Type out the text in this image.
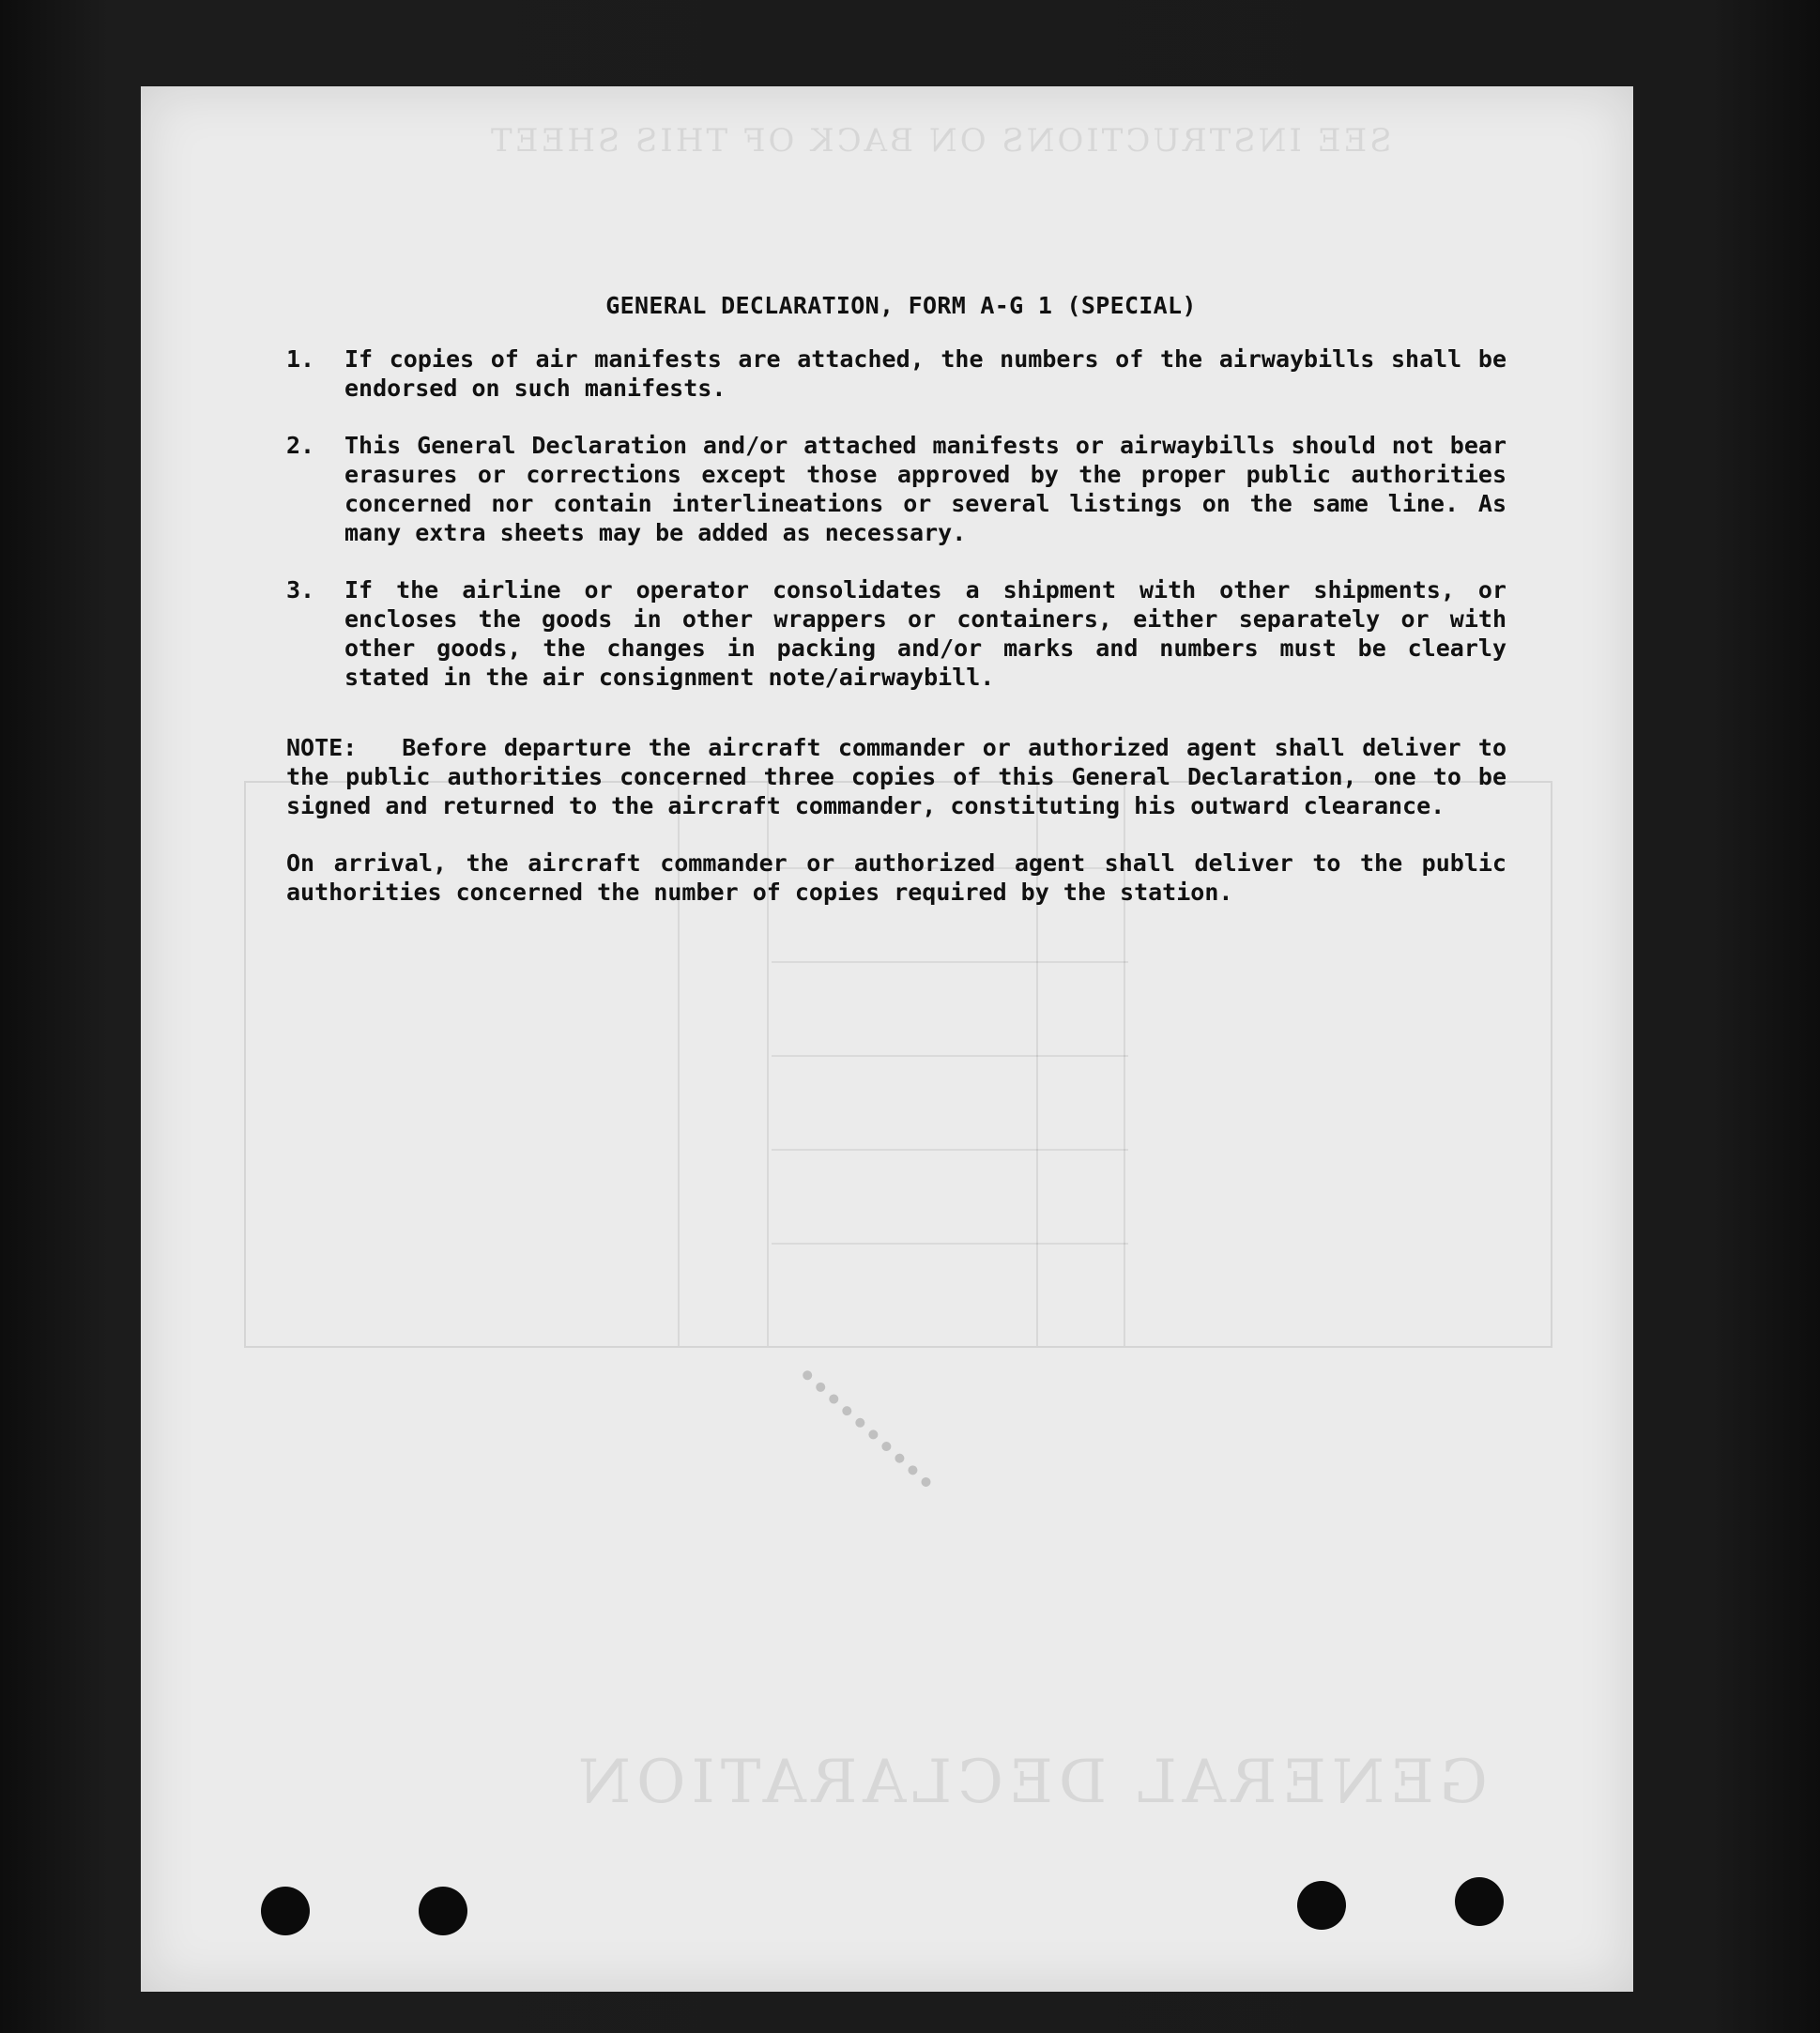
SEE INSTRUCTIONS ON BACK OF THIS SHEET
GENERAL DECLARATION
GENERAL DECLARATION, FORM A-G 1 (SPECIAL)
1.	If copies of air manifests are attached, the numbers of the airwaybills shall be endorsed on such manifests.
2.	This General Declaration and/or attached manifests or airwaybills should not bear erasures or corrections except those approved by the proper public authorities concerned nor contain interlineations or several listings on the same line. As many extra sheets may be added as necessary.
3.	If the airline or operator consolidates a shipment with other shipments, or encloses the goods in other wrappers or containers, either separately or with other goods, the changes in packing and/or marks and numbers must be clearly stated in the air consignment note/airwaybill.
NOTE: Before departure the aircraft commander or authorized agent shall deliver to the public authorities concerned three copies of this General Declaration, one to be signed and returned to the aircraft commander, constituting his outward clearance.
On arrival, the aircraft commander or authorized agent shall deliver to the public authorities concerned the number of copies required by the station.
